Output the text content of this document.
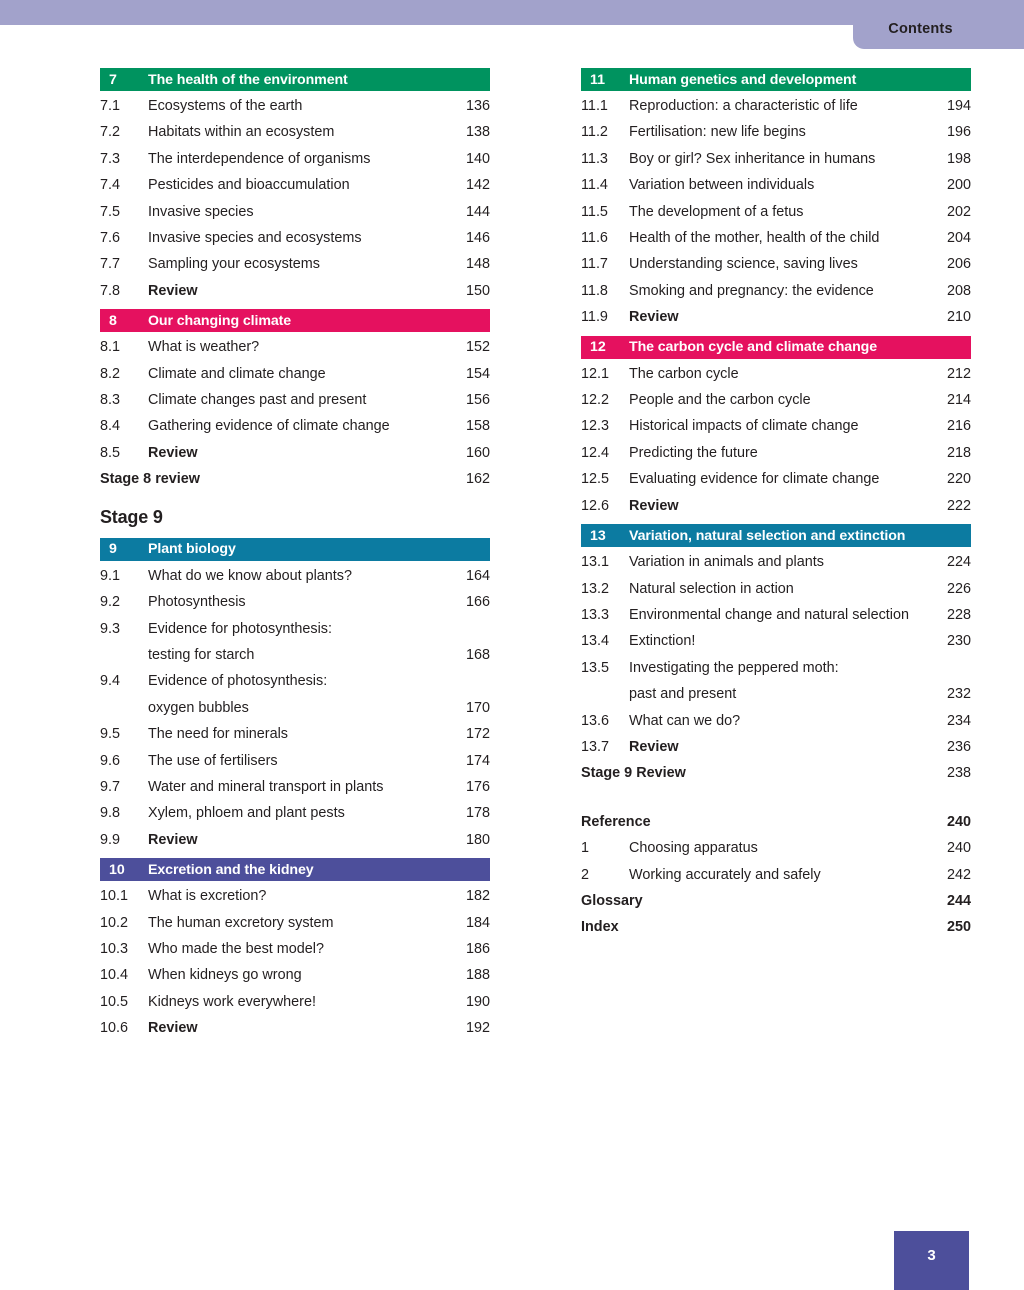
Contents
7	The health of the environment
7.1	Ecosystems of the earth	136
7.2	Habitats within an ecosystem	138
7.3	The interdependence of organisms	140
7.4	Pesticides and bioaccumulation	142
7.5	Invasive species	144
7.6	Invasive species and ecosystems	146
7.7	Sampling your ecosystems	148
7.8	Review	150
8	Our changing climate
8.1	What is weather?	152
8.2	Climate and climate change	154
8.3	Climate changes past and present	156
8.4	Gathering evidence of climate change	158
8.5	Review	160
Stage 8 review	162
Stage 9
9	Plant biology
9.1	What do we know about plants?	164
9.2	Photosynthesis	166
9.3	Evidence for photosynthesis:
testing for starch	168
9.4	Evidence of photosynthesis:
oxygen bubbles	170
9.5	The need for minerals	172
9.6	The use of fertilisers	174
9.7	Water and mineral transport in plants	176
9.8	Xylem, phloem and plant pests	178
9.9	Review	180
10	Excretion and the kidney
10.1	What is excretion?	182
10.2	The human excretory system	184
10.3	Who made the best model?	186
10.4	When kidneys go wrong	188
10.5	Kidneys work everywhere!	190
10.6	Review	192
11	Human genetics and development
11.1	Reproduction: a characteristic of life	194
11.2	Fertilisation: new life begins	196
11.3	Boy or girl? Sex inheritance in humans	198
11.4	Variation between individuals	200
11.5	The development of a fetus	202
11.6	Health of the mother, health of the child	204
11.7	Understanding science, saving lives	206
11.8	Smoking and pregnancy: the evidence	208
11.9	Review	210
12	The carbon cycle and climate change
12.1	The carbon cycle	212
12.2	People and the carbon cycle	214
12.3	Historical impacts of climate change	216
12.4	Predicting the future	218
12.5	Evaluating evidence for climate change	220
12.6	Review	222
13	Variation, natural selection and extinction
13.1	Variation in animals and plants	224
13.2	Natural selection in action	226
13.3	Environmental change and natural selection	228
13.4	Extinction!	230
13.5	Investigating the peppered moth:
past and present	232
13.6	What can we do?	234
13.7	Review	236
Stage 9 Review	238
Reference	240
1	Choosing apparatus	240
2	Working accurately and safely	242
Glossary	244
Index	250
3
